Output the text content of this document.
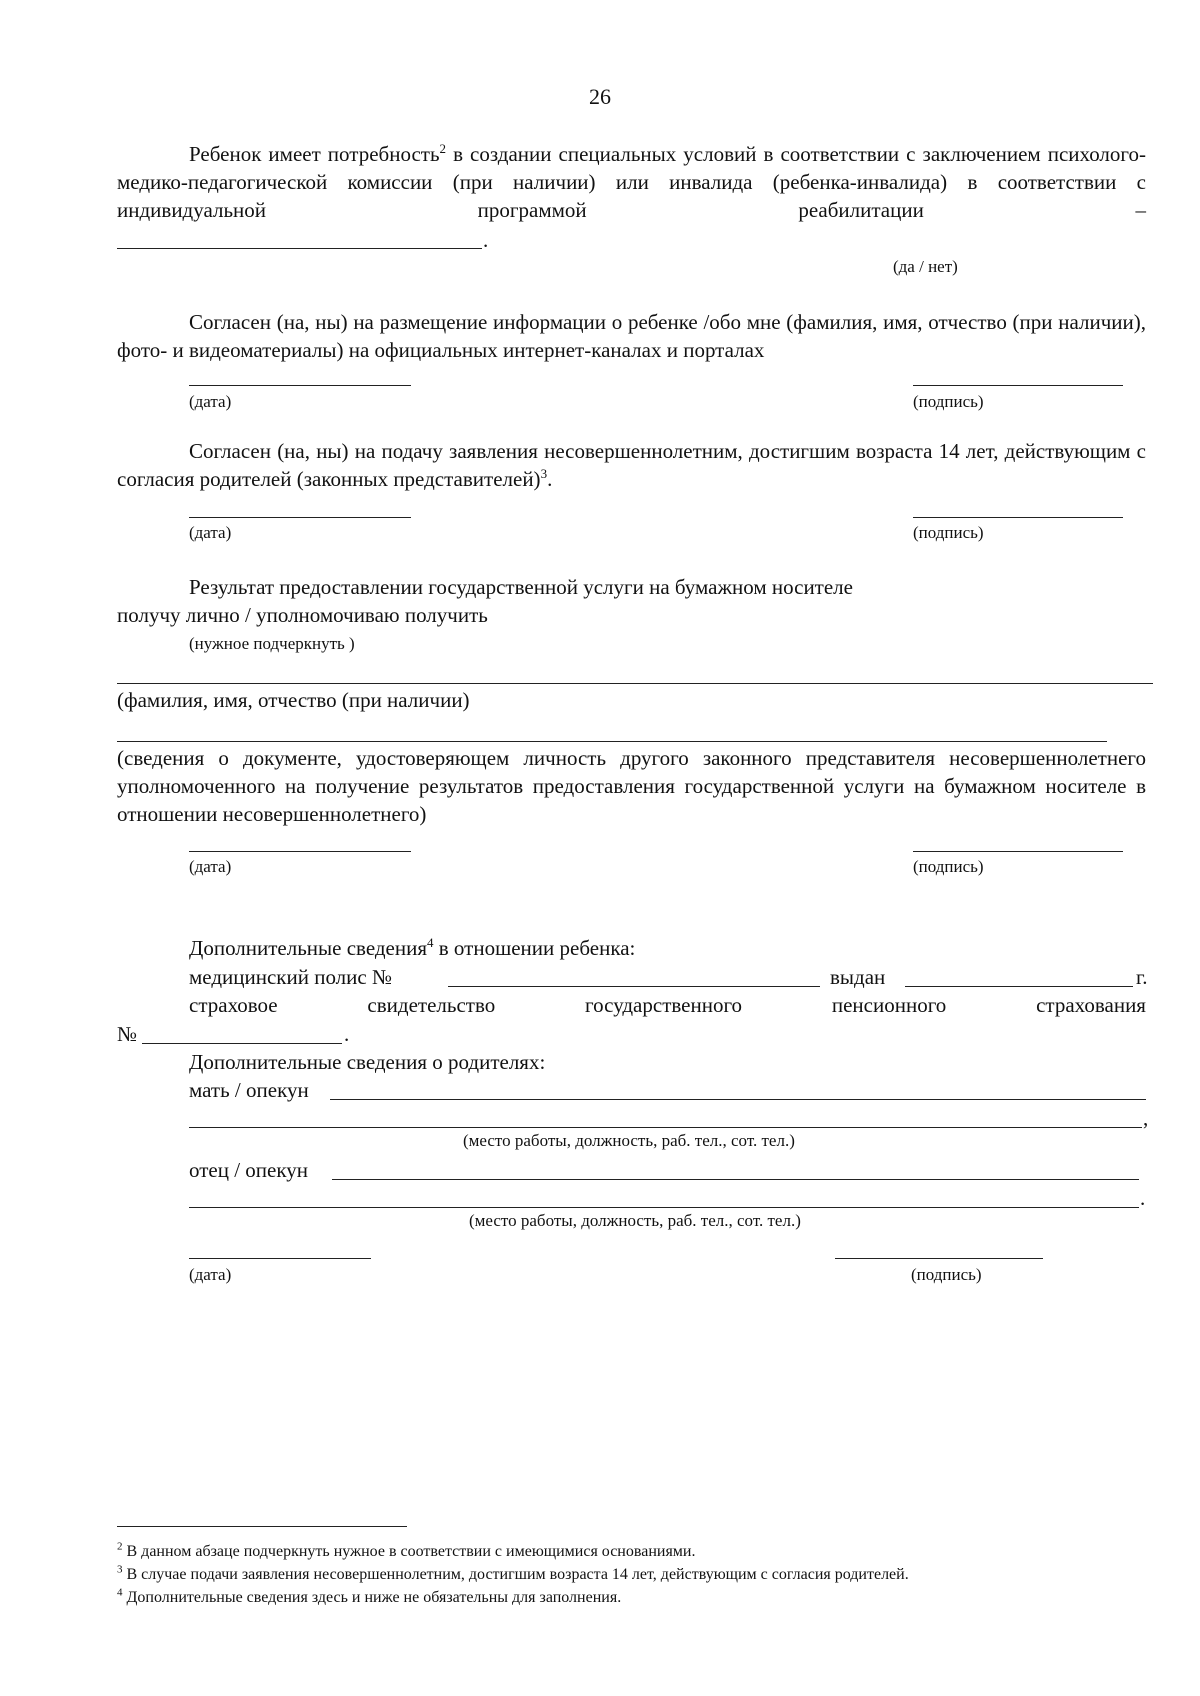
26
Ребенок имеет потребность$^2$ в создании специальных условий в соответствии с заключением психолого-медико-педагогической комиссии (при наличии) или инвалида (ребенка-инвалида) в соответствии с индивидуальной программой реабилитации –
.
(да / нет)
Согласен (на, ны) на размещение информации о ребенке /обо мне (фамилия, имя, отчество (при наличии), фото- и видеоматериалы) на официальных интернет-каналах и порталах
(дата)	(подпись)
Согласен (на, ны) на подачу заявления несовершеннолетним, достигшим возраста 14 лет, действующим с согласия родителей (законных представителей)$^3$.
(дата)	(подпись)
Результат предоставлении государственной услуги на бумажном носителе
получу лично / уполномочиваю получить
(нужное подчеркнуть )
(фамилия, имя, отчество (при наличии)
(сведения о документе, удостоверяющем личность другого законного представителя несовершеннолетнего уполномоченного на получение результатов предоставления государственной услуги на бумажном носителе в отношении несовершеннолетнего)
(дата)	(подпись)
Дополнительные сведения$^4$ в отношении ребенка:
медицинский полис №	выдан	г.
страховое	свидетельство	государственного	пенсионного	страхования
№	.
Дополнительные сведения о родителях:
мать / опекун
,
(место работы, должность, раб. тел., сот. тел.)
отец / опекун
.
(место работы, должность, раб. тел., сот. тел.)
(дата)	(подпись)
$^2$ В данном абзаце подчеркнуть нужное в соответствии с имеющимися основаниями.
$^3$ В случае подачи заявления несовершеннолетним, достигшим возраста 14 лет, действующим с согласия родителей.
$^4$ Дополнительные сведения здесь и ниже не обязательны для заполнения.
